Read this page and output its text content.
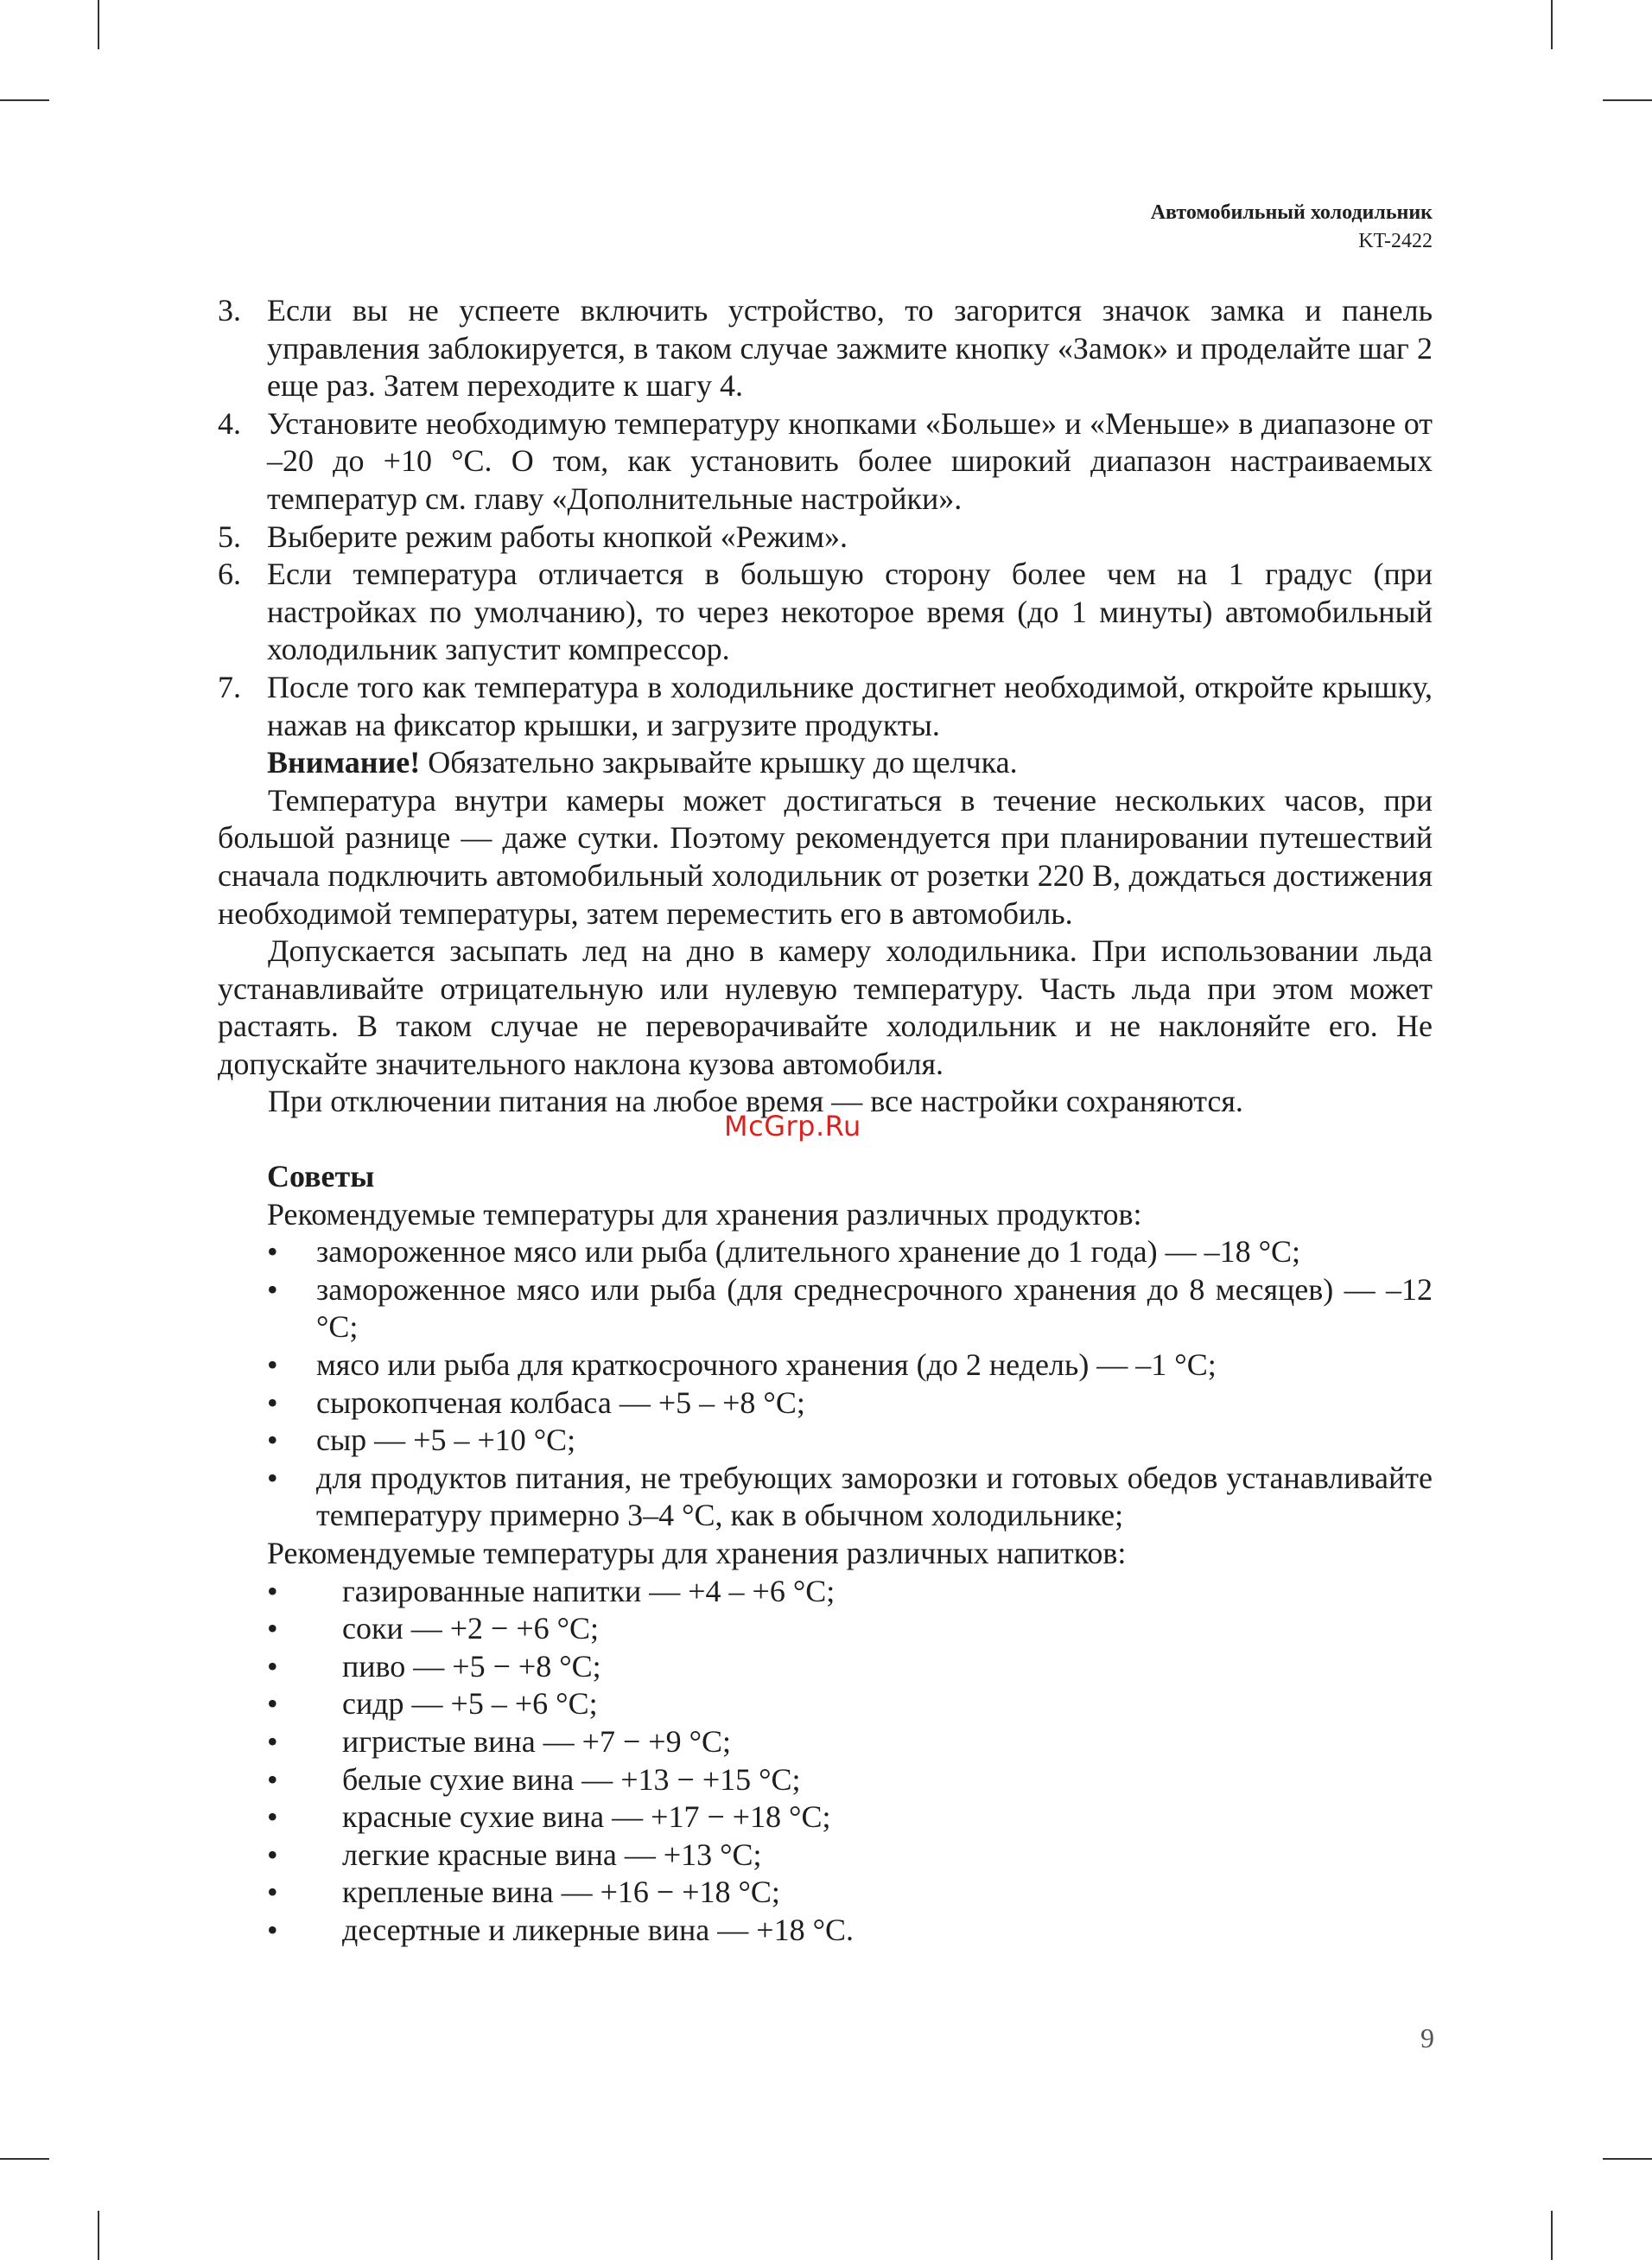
Автомобильный холодильник
KT-2422
3. Если вы не успеете включить устройство, то загорится значок замка и панель управления заблокируется, в таком случае зажмите кнопку «Замок» и проделайте шаг 2 еще раз. Затем переходите к шагу 4.
4. Установите необходимую температуру кнопками «Больше» и «Меньше» в диапазоне от –20 до +10 °C. О том, как установить более широкий диапазон настраиваемых температур см. главу «Дополнительные настройки».
5. Выберите режим работы кнопкой «Режим».
6. Если температура отличается в большую сторону более чем на 1 градус (при настройках по умолчанию), то через некоторое время (до 1 минуты) автомобильный холодильник запустит компрессор.
7. После того как температура в холодильнике достигнет необходимой, откройте крышку, нажав на фиксатор крышки, и загрузите продукты.

Внимание! Обязательно закрывайте крышку до щелчка.

Температура внутри камеры может достигаться в течение нескольких часов, при большой разнице — даже сутки. Поэтому рекомендуется при планировании путешествий сначала подключить автомобильный холодильник от розетки 220 В, дождаться достижения необходимой температуры, затем переместить его в автомобиль.

Допускается засыпать лед на дно в камеру холодильника. При использовании льда устанавливайте отрицательную или нулевую температуру. Часть льда при этом может растаять. В таком случае не переворачивайте холодильник и не наклоняйте его. Не допускайте значительного наклона кузова автомобиля.

При отключении питания на любое время — все настройки сохраняются.

Советы

Рекомендуемые температуры для хранения различных продуктов:

•	замороженное мясо или рыба (длительного хранение до 1 года) — –18 °C;
•	замороженное мясо или рыба (для среднесрочного хранения до 8 месяцев) — –12 °C;
•	мясо или рыба для краткосрочного хранения (до 2 недель) — –1 °C;
•	сырокопченая колбаса — +5 – +8 °C;
•	сыр — +5 – +10 °C;
•	для продуктов питания, не требующих заморозки и готовых обедов устанавливайте температуру примерно 3–4 °C, как в обычном холодильнике;

Рекомендуемые температуры для хранения различных напитков:

•	газированные напитки — +4 – +6 °C;
•	соки — +2 − +6 °C;
•	пиво — +5 − +8 °C;
•	сидр — +5 – +6 °C;
•	игристые вина — +7 − +9 °C;
•	белые сухие вина — +13 − +15 °C;
•	красные сухие вина — +17 − +18 °C;
•	легкие красные вина — +13 °C;
•	крепленые вина — +16 − +18 °C;
•	десертные и ликерные вина — +18 °C.
McGrp.Ru
9
